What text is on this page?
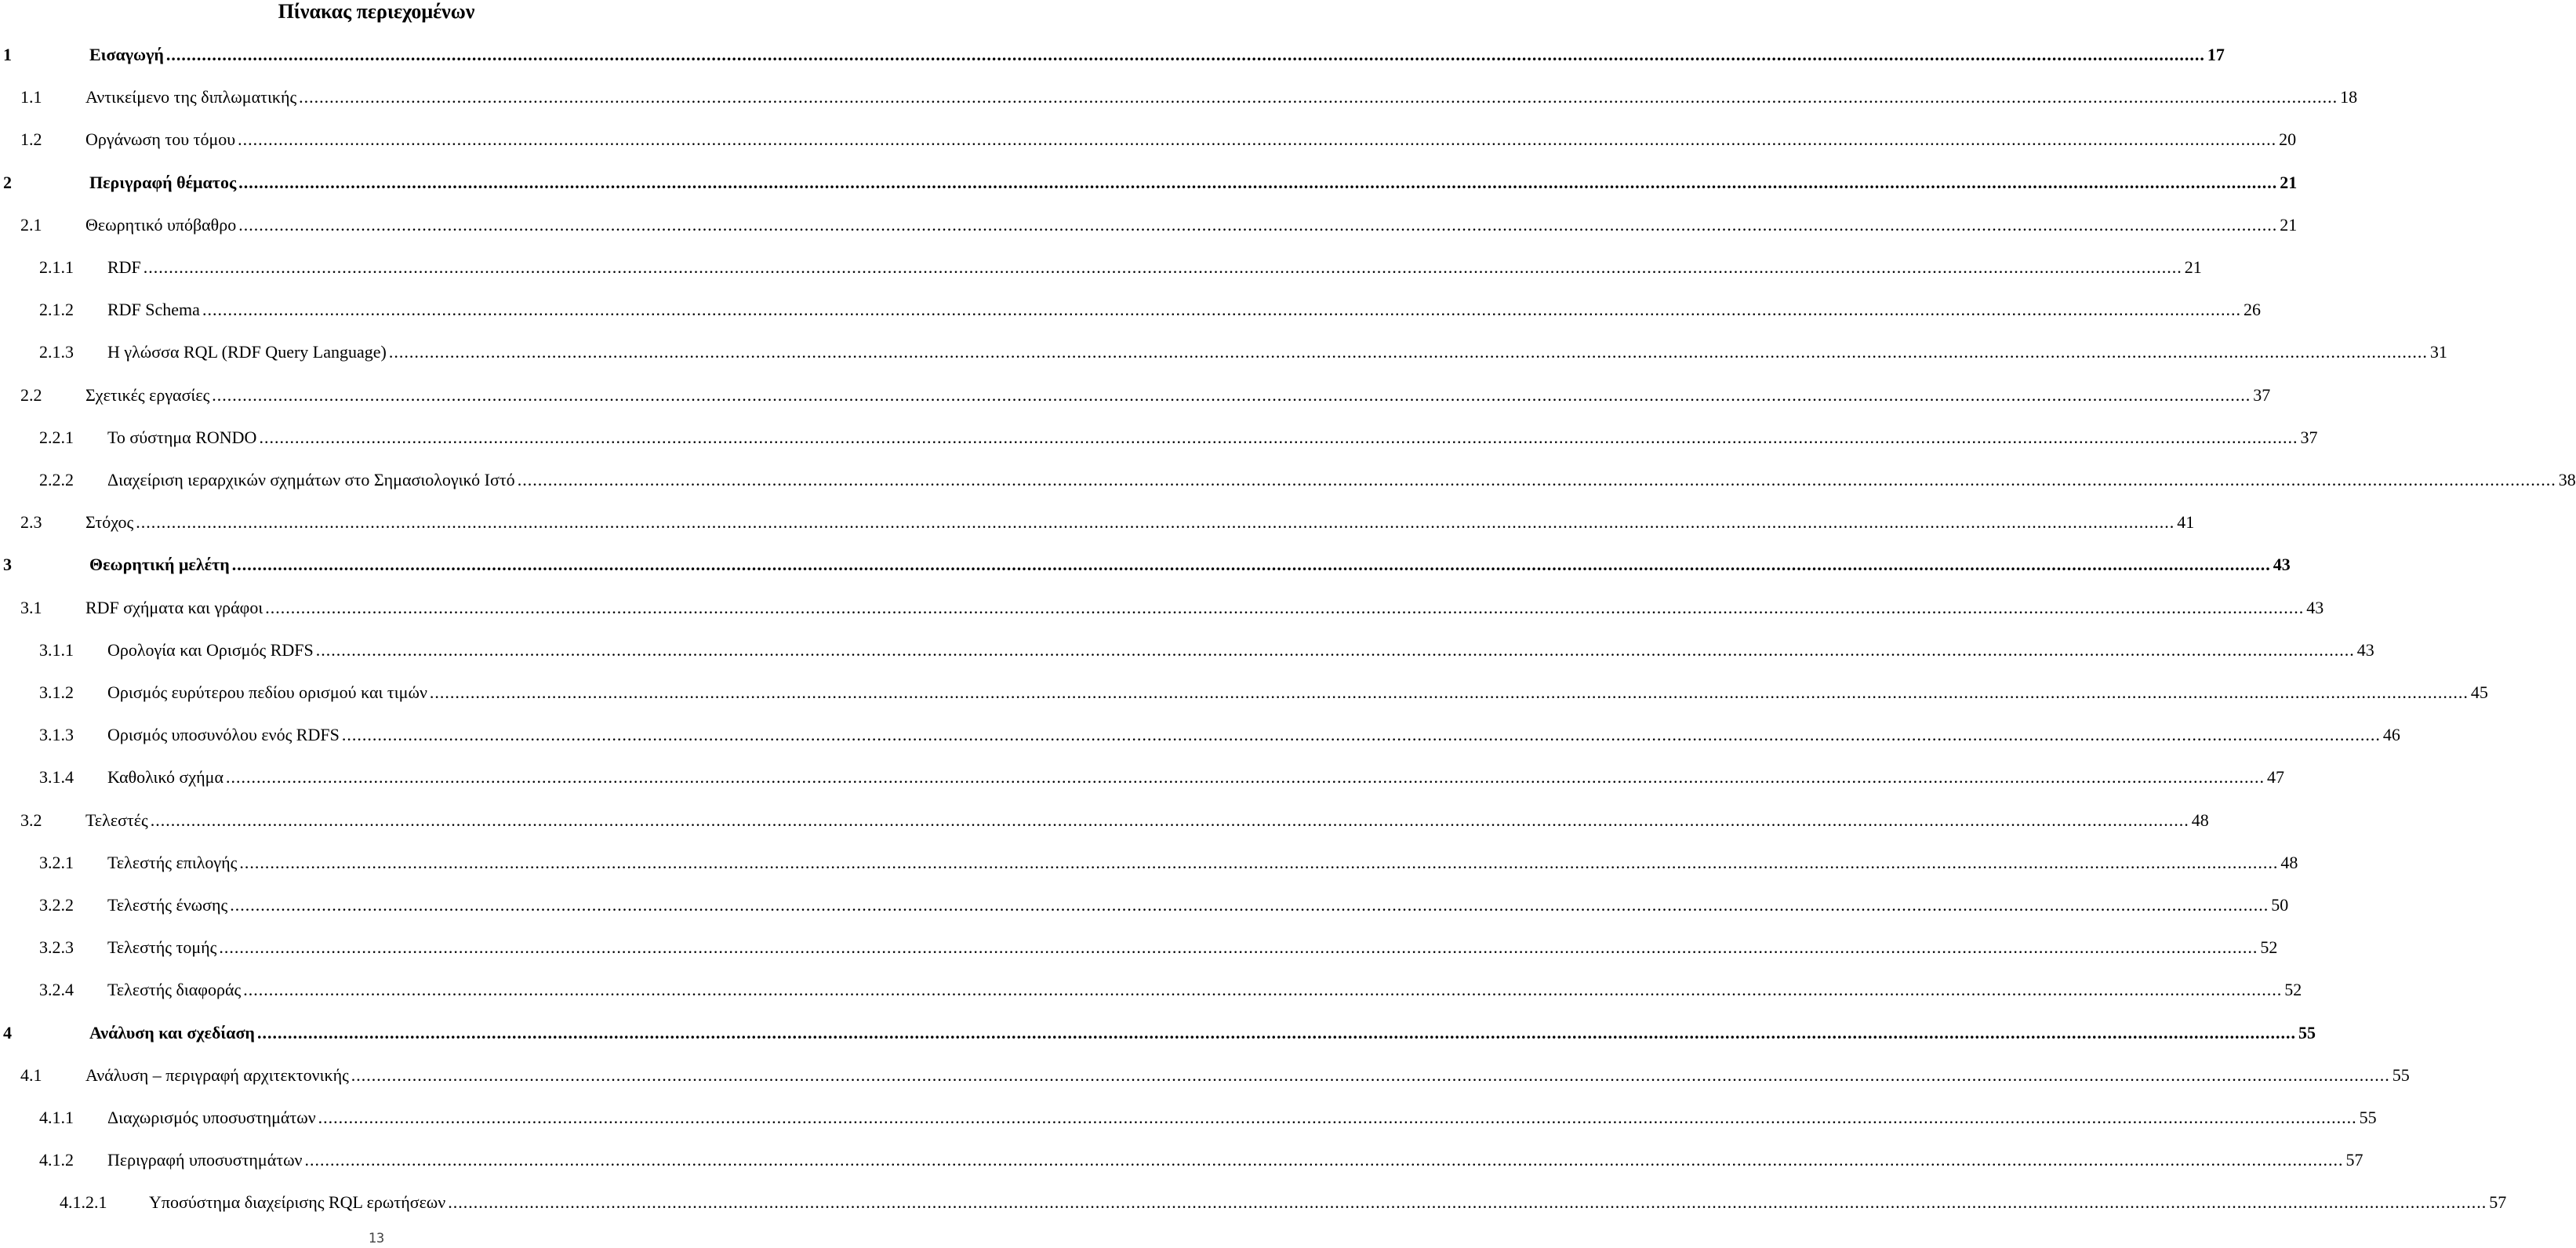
Πίνακας περιεχομένων
1	Εισαγωγή ................................................................................................................................................................................................................................................................................................................................................................................................................ 17
1.1	Αντικείμενο της διπλωματικής ................................................................................................................................................................................................................................................................................................................................................................................................................ 18
1.2	Οργάνωση του τόμου ................................................................................................................................................................................................................................................................................................................................................................................................................ 20
2	Περιγραφή θέματος ................................................................................................................................................................................................................................................................................................................................................................................................................ 21
2.1	Θεωρητικό υπόβαθρο ................................................................................................................................................................................................................................................................................................................................................................................................................ 21
2.1.1 RDF ................................................................................................................................................................................................................................................................................................................................................................................................................ 21
2.1.2 RDF Schema ................................................................................................................................................................................................................................................................................................................................................................................................................ 26
2.1.3 Η γλώσσα RQL (RDF Query Language) ................................................................................................................................................................................................................................................................................................................................................................................................................ 31
2.2	Σχετικές εργασίες ................................................................................................................................................................................................................................................................................................................................................................................................................ 37
2.2.1 Το σύστημα RONDO ................................................................................................................................................................................................................................................................................................................................................................................................................ 37
2.2.2 Διαχείριση ιεραρχικών σχημάτων στο Σημασιολογικό Ιστό ................................................................................................................................................................................................................................................................................................................................................................................................................ 38
2.3	Στόχος ................................................................................................................................................................................................................................................................................................................................................................................................................ 41
3	Θεωρητική μελέτη ................................................................................................................................................................................................................................................................................................................................................................................................................ 43
3.1	RDF σχήματα και γράφοι ................................................................................................................................................................................................................................................................................................................................................................................................................ 43
3.1.1 Ορολογία και Ορισμός RDFS ................................................................................................................................................................................................................................................................................................................................................................................................................ 43
3.1.2 Ορισμός ευρύτερου πεδίου ορισμού και τιμών ................................................................................................................................................................................................................................................................................................................................................................................................................ 45
3.1.3 Ορισμός υποσυνόλου ενός RDFS ................................................................................................................................................................................................................................................................................................................................................................................................................ 46
3.1.4 Καθολικό σχήμα ................................................................................................................................................................................................................................................................................................................................................................................................................ 47
3.2	Τελεστές ................................................................................................................................................................................................................................................................................................................................................................................................................ 48
3.2.1 Τελεστής επιλογής ................................................................................................................................................................................................................................................................................................................................................................................................................ 48
3.2.2 Τελεστής ένωσης ................................................................................................................................................................................................................................................................................................................................................................................................................ 50
3.2.3 Τελεστής τομής ................................................................................................................................................................................................................................................................................................................................................................................................................ 52
3.2.4 Τελεστής διαφοράς ................................................................................................................................................................................................................................................................................................................................................................................................................ 52
4	Ανάλυση και σχεδίαση ................................................................................................................................................................................................................................................................................................................................................................................................................ 55
4.1	Ανάλυση – περιγραφή αρχιτεκτονικής ................................................................................................................................................................................................................................................................................................................................................................................................................ 55
4.1.1 Διαχωρισμός υποσυστημάτων ................................................................................................................................................................................................................................................................................................................................................................................................................ 55
4.1.2 Περιγραφή υποσυστημάτων ................................................................................................................................................................................................................................................................................................................................................................................................................ 57
4.1.2.1 Υποσύστημα διαχείρισης RQL ερωτήσεων ................................................................................................................................................................................................................................................................................................................................................................................................................ 57
13
